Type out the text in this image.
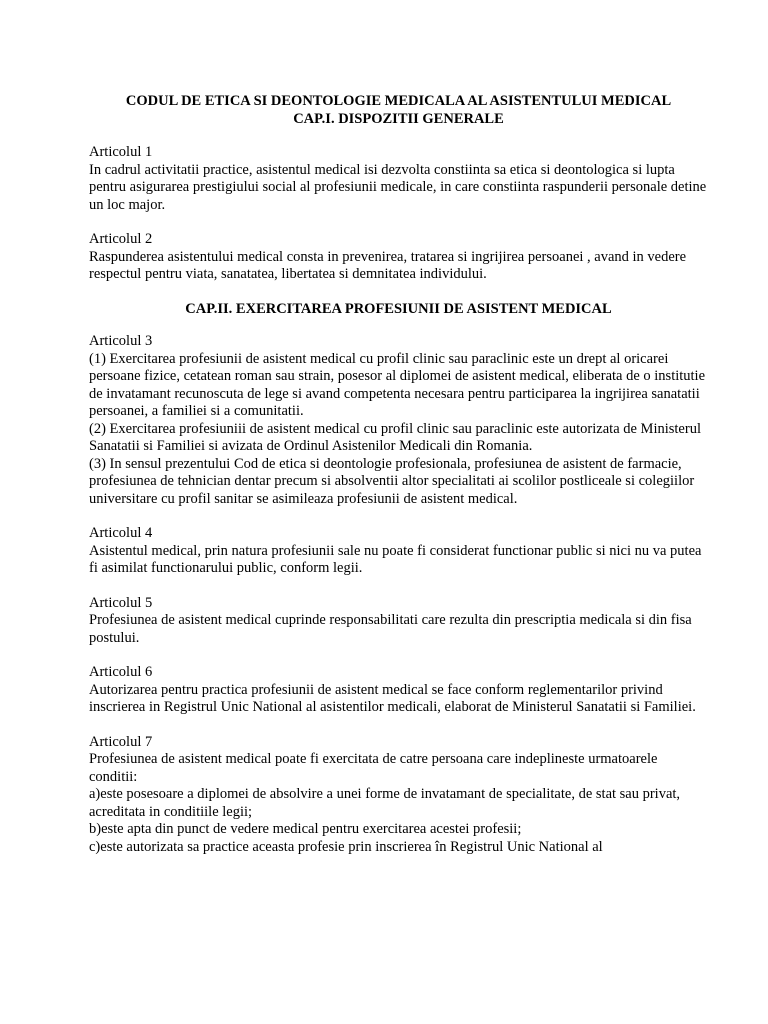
CODUL DE ETICA SI DEONTOLOGIE MEDICALA AL ASISTENTULUI MEDICAL

CAP.I. DISPOZITII GENERALE

Articolul 1

In cadrul activitatii practice, asistentul medical isi dezvolta constiinta sa etica si deontologica si lupta pentru asigurarea prestigiului social al profesiunii medicale, in care constiinta raspunderii personale detine un loc major.

Articolul 2

Raspunderea asistentului medical consta in prevenirea, tratarea si ingrijirea persoanei , avand in vedere respectul pentru viata, sanatatea, libertatea si demnitatea individului.

CAP.II. EXERCITAREA PROFESIUNII DE ASISTENT MEDICAL

Articolul 3

(1) Exercitarea profesiunii de asistent medical cu profil clinic sau paraclinic este un drept al oricarei persoane fizice, cetatean roman sau strain, posesor al diplomei de asistent medical, eliberata de o institutie de invatamant recunoscuta de lege si avand competenta necesara pentru participarea la ingrijirea sanatatii persoanei, a familiei si a comunitatii.

(2) Exercitarea profesiuniii de asistent medical cu profil clinic sau paraclinic este autorizata de Ministerul Sanatatii si Familiei si avizata de Ordinul Asistenilor Medicali din Romania.

(3) In sensul prezentului Cod de etica si deontologie profesionala, profesiunea de asistent de farmacie, profesiunea de tehnician dentar precum si absolventii altor specialitati ai scolilor postliceale si colegiilor universitare cu profil sanitar se asimileaza profesiunii de asistent medical.

Articolul 4

Asistentul medical, prin natura profesiunii sale nu poate fi considerat functionar public si nici nu va putea fi asimilat functionarului public, conform legii.

Articolul 5

Profesiunea de asistent medical cuprinde responsabilitati care rezulta din prescriptia medicala si din fisa postului.

Articolul 6

Autorizarea pentru practica profesiunii de asistent medical se face conform reglementarilor privind inscrierea in Registrul Unic National al asistentilor medicali, elaborat de Ministerul Sanatatii si Familiei.

Articolul 7

Profesiunea de asistent medical poate fi exercitata de catre persoana care indeplineste urmatoarele conditii:

a)este posesoare a diplomei de absolvire a unei forme de invatamant de specialitate, de stat sau privat, acreditata in conditiile legii;

b)este apta din punct de vedere medical pentru exercitarea acestei profesii;

c)este autorizata sa practice aceasta profesie prin inscrierea în Registrul Unic National al
